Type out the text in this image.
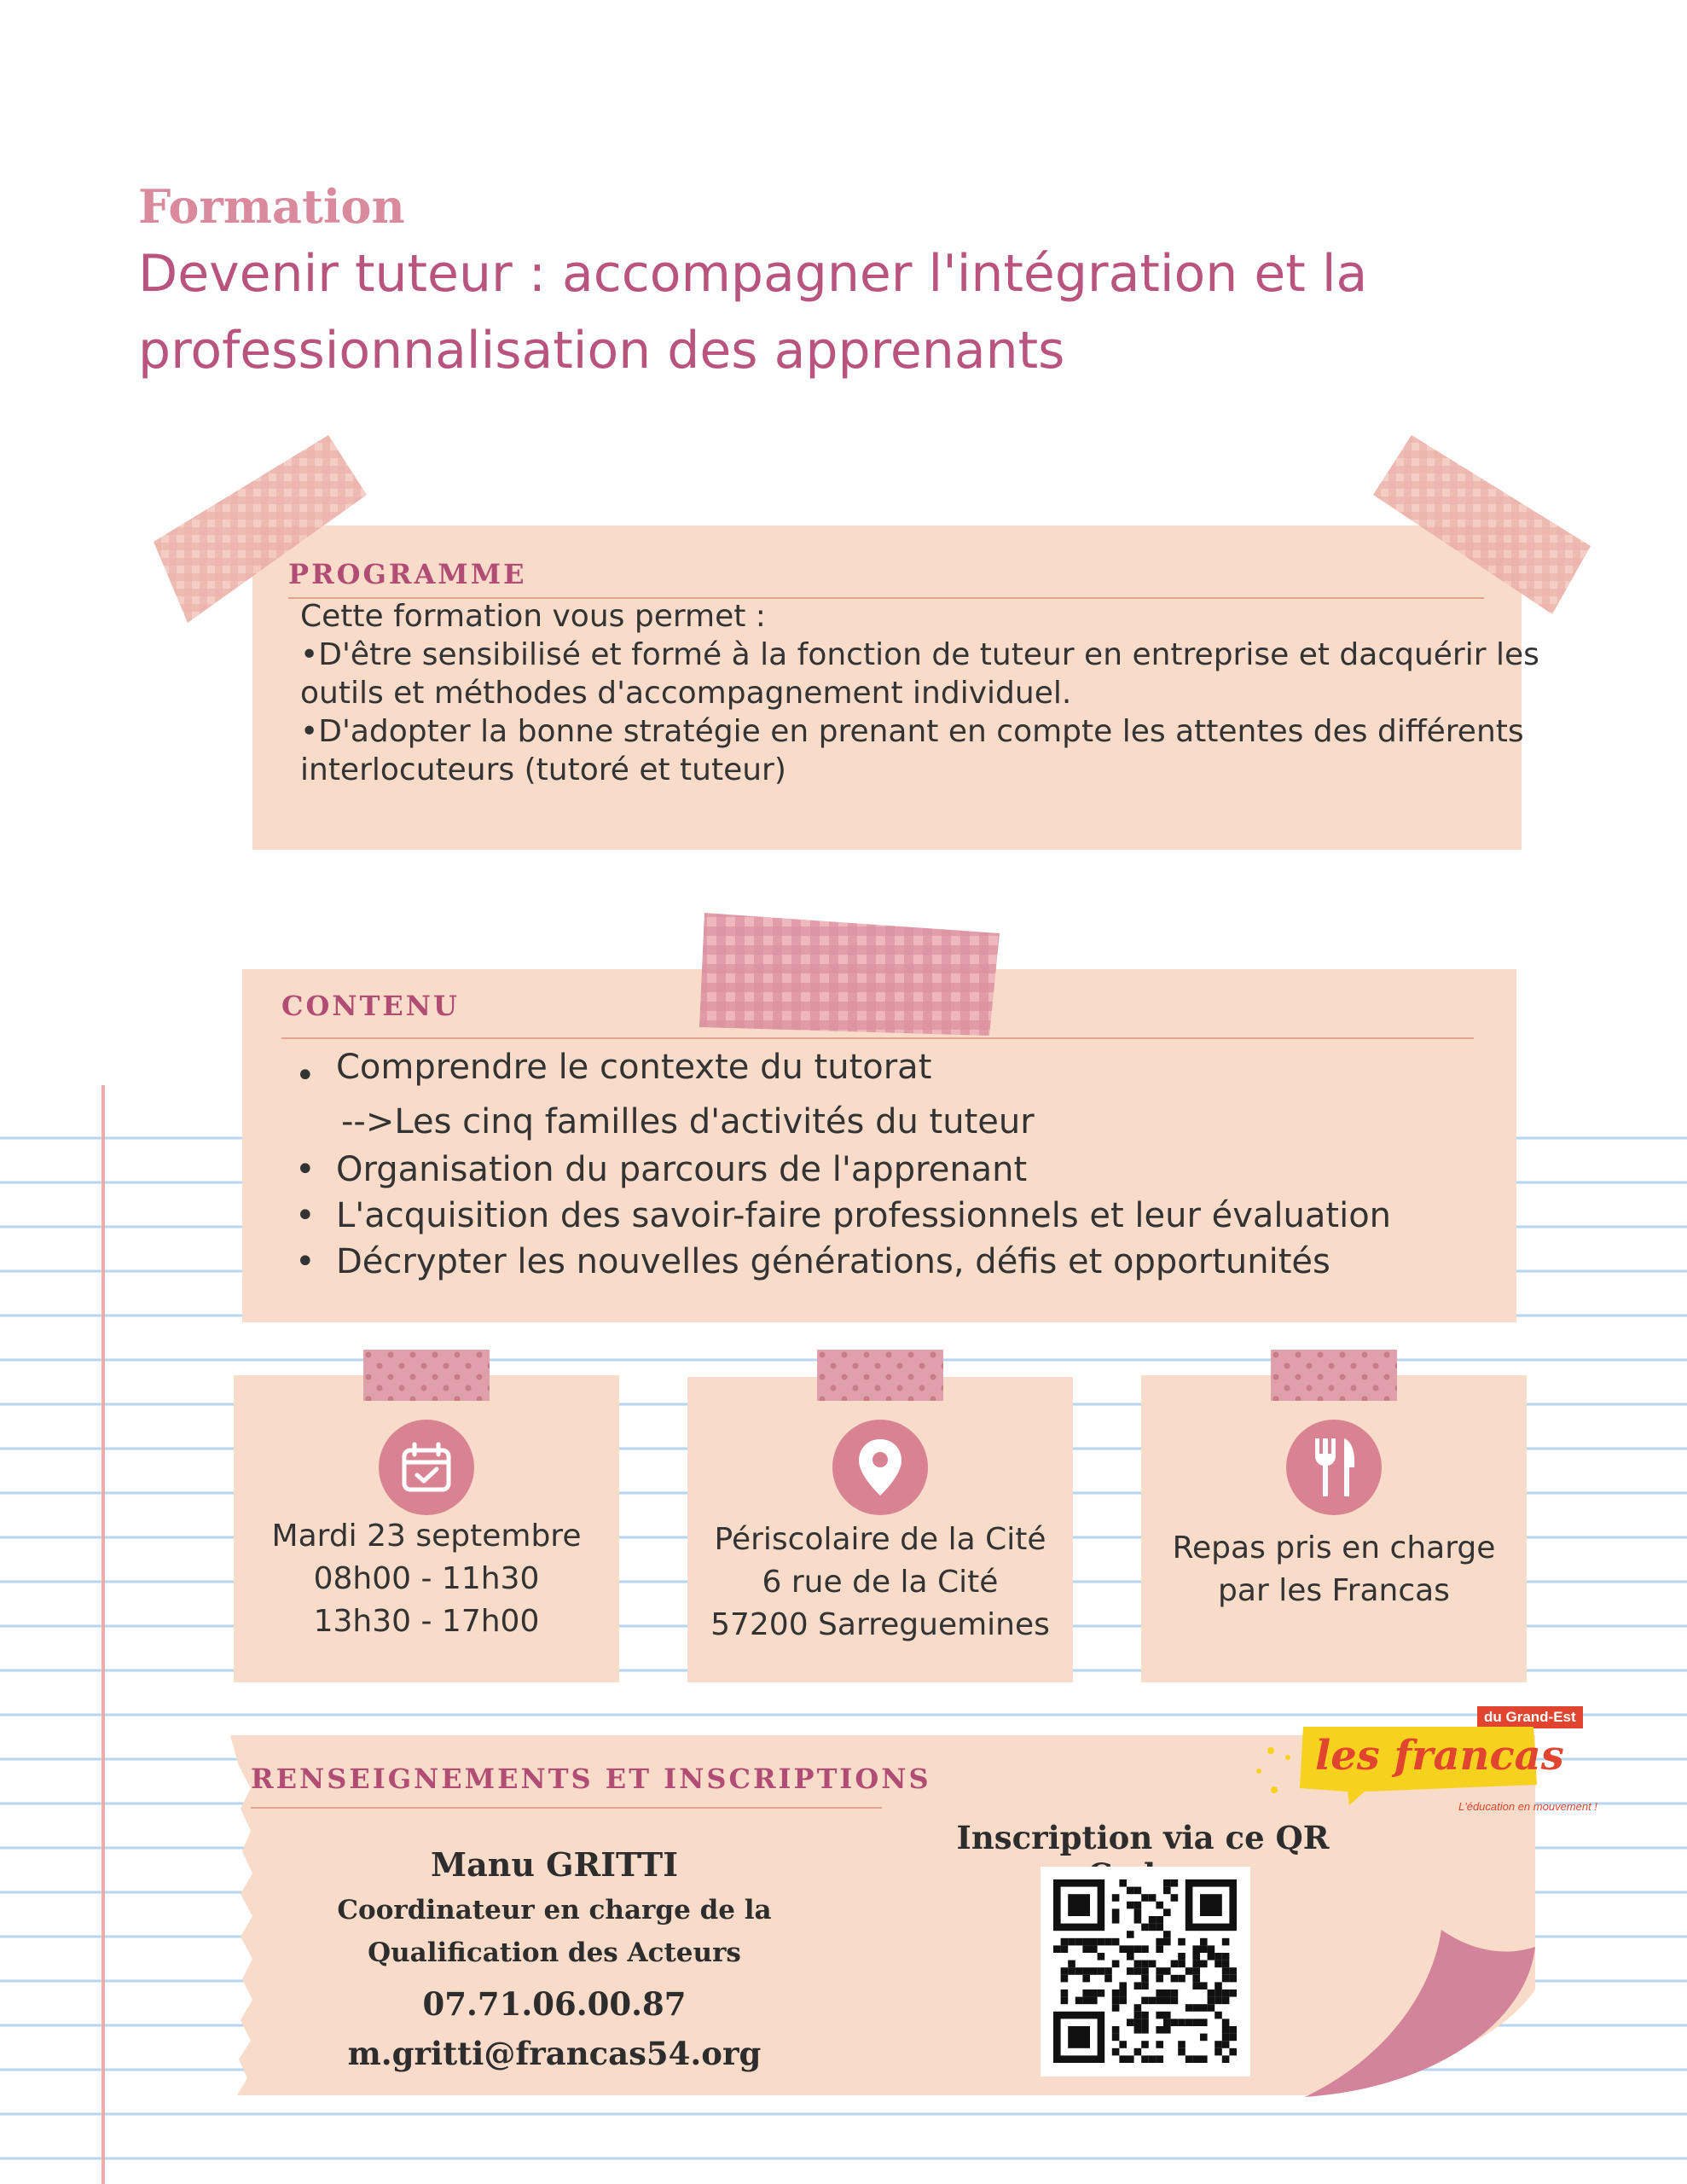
Formation
Devenir tuteur : accompagner l'intégration et la professionnalisation des apprenants
PROGRAMME
Cette formation vous permet :
•D'être sensibilisé et formé à la fonction de tuteur en entreprise et dacquérir les
outils et méthodes d'accompagnement individuel.
•D'adopter la bonne stratégie en prenant en compte les attentes des différents
interlocuteurs (tutoré et tuteur)
CONTENU
• Comprendre le contexte du tutorat
-->Les cinq familles d'activités du tuteur
• Organisation du parcours de l'apprenant
• L'acquisition des savoir-faire professionnels et leur évaluation
• Décrypter les nouvelles générations, défis et opportunités
Mardi 23 septembre
08h00 - 11h30
13h30 - 17h00
Périscolaire de la Cité
6 rue de la Cité
57200 Sarreguemines
Repas pris en charge
par les Francas
RENSEIGNEMENTS ET INSCRIPTIONS
Manu GRITTI
Coordinateur en charge de la
Qualification des Acteurs
07.71.06.00.87
m.gritti@francas54.org
Inscription via ce QR
du Grand-Est
les francas
L'éducation en mouvement !
